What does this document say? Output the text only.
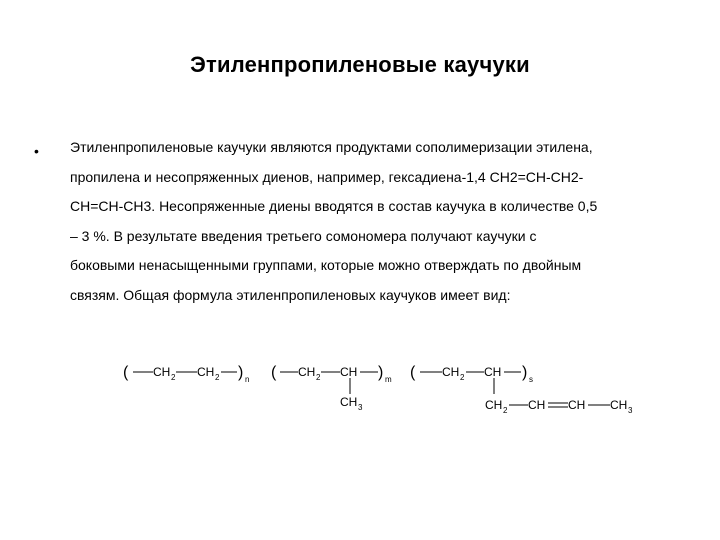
Этиленпропиленовые каучуки
• Этиленпропиленовые каучуки являются продуктами сополимеризации этилена,
пропилена и несопряженных диенов, например, гексадиена-1,4 СН2=СН-СН2-
СН=СН-СН3. Несопряженные диены вводятся в состав каучука в количестве 0,5
– 3 %. В результате введения третьего сомономера получают каучуки с
боковыми ненасыщенными группами, которые можно отверждать по двойным
связям. Общая формула этиленпропиленовых каучуков имеет вид:
( CH 2 CH 2 ) n ( CH 2 CH ) m
CH 3
( CH 2 CH ) s
CH 2 CH CH CH 3
